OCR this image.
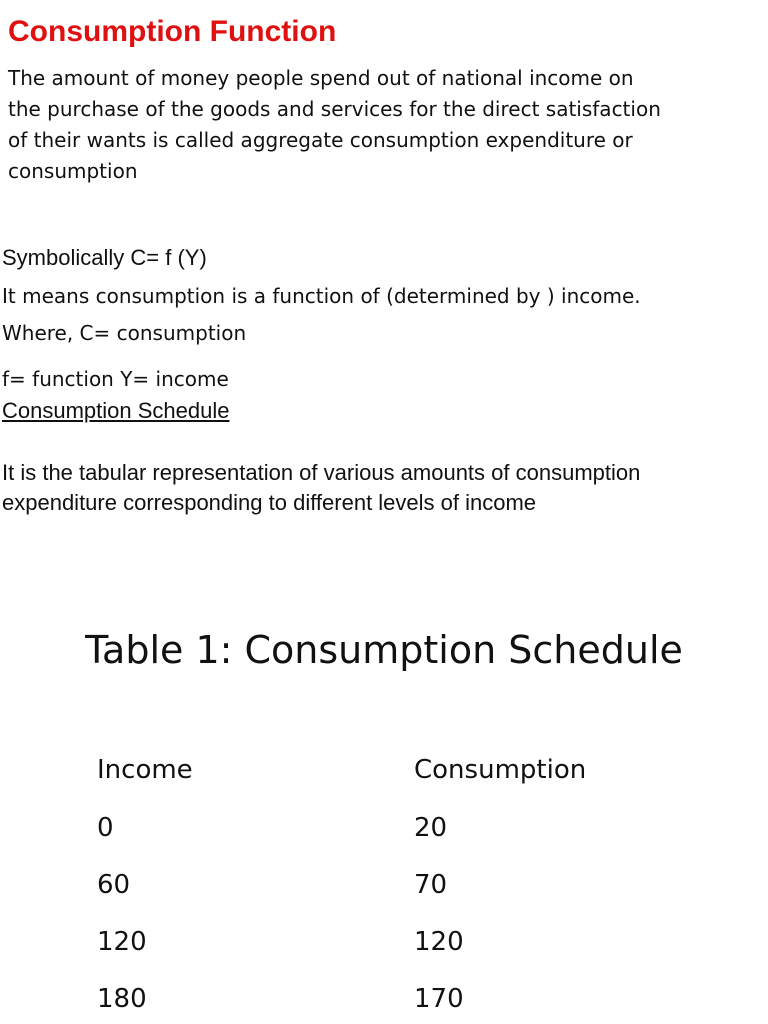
Consumption Function
The amount of money people spend out of national income on
the purchase of the goods and services for the direct satisfaction
of their wants is called aggregate consumption expenditure or
consumption
Symbolically C= f (Y)
It means consumption is a function of (determined by ) income.
Where, C= consumption
f= function Y= income
Consumption Schedule
It is the tabular representation of various amounts of consumption
expenditure corresponding to different levels of income
Table 1: Consumption Schedule
Income	Consumption
0	20
60	70
120	120
180	170
